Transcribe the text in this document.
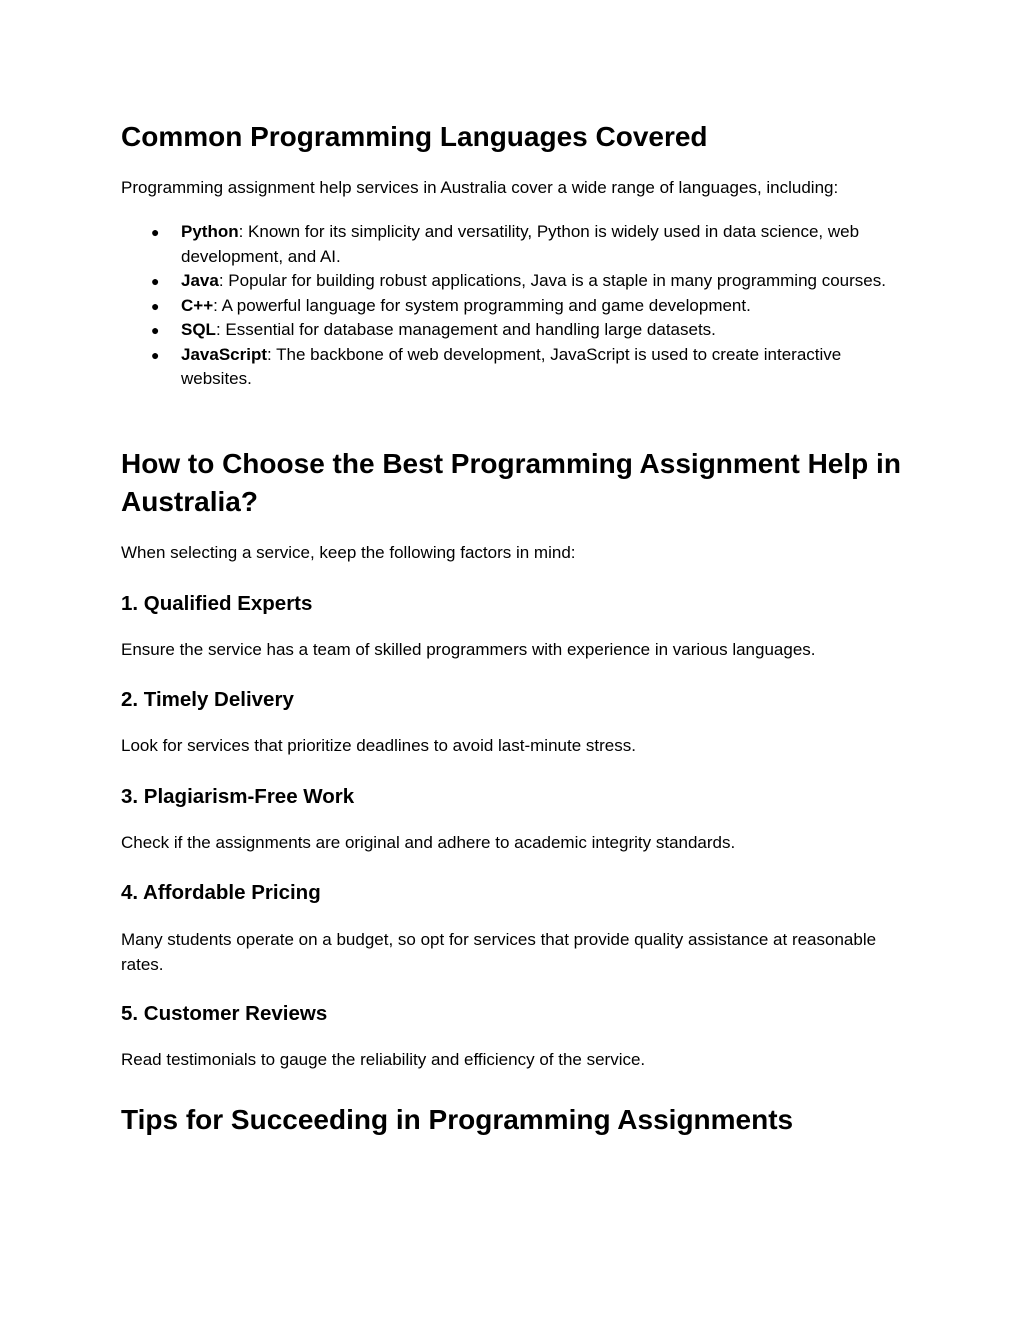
Common Programming Languages Covered

Programming assignment help services in Australia cover a wide range of languages, including:

● Python: Known for its simplicity and versatility, Python is widely used in data science, web development, and AI.
● Java: Popular for building robust applications, Java is a staple in many programming courses.
● C++: A powerful language for system programming and game development.
● SQL: Essential for database management and handling large datasets.
● JavaScript: The backbone of web development, JavaScript is used to create interactive websites.
How to Choose the Best Programming Assignment Help in Australia?

When selecting a service, keep the following factors in mind:

1. Qualified Experts

Ensure the service has a team of skilled programmers with experience in various languages.

2. Timely Delivery

Look for services that prioritize deadlines to avoid last-minute stress.

3. Plagiarism-Free Work

Check if the assignments are original and adhere to academic integrity standards.

4. Affordable Pricing

Many students operate on a budget, so opt for services that provide quality assistance at reasonable rates.

5. Customer Reviews

Read testimonials to gauge the reliability and efficiency of the service.

Tips for Succeeding in Programming Assignments
